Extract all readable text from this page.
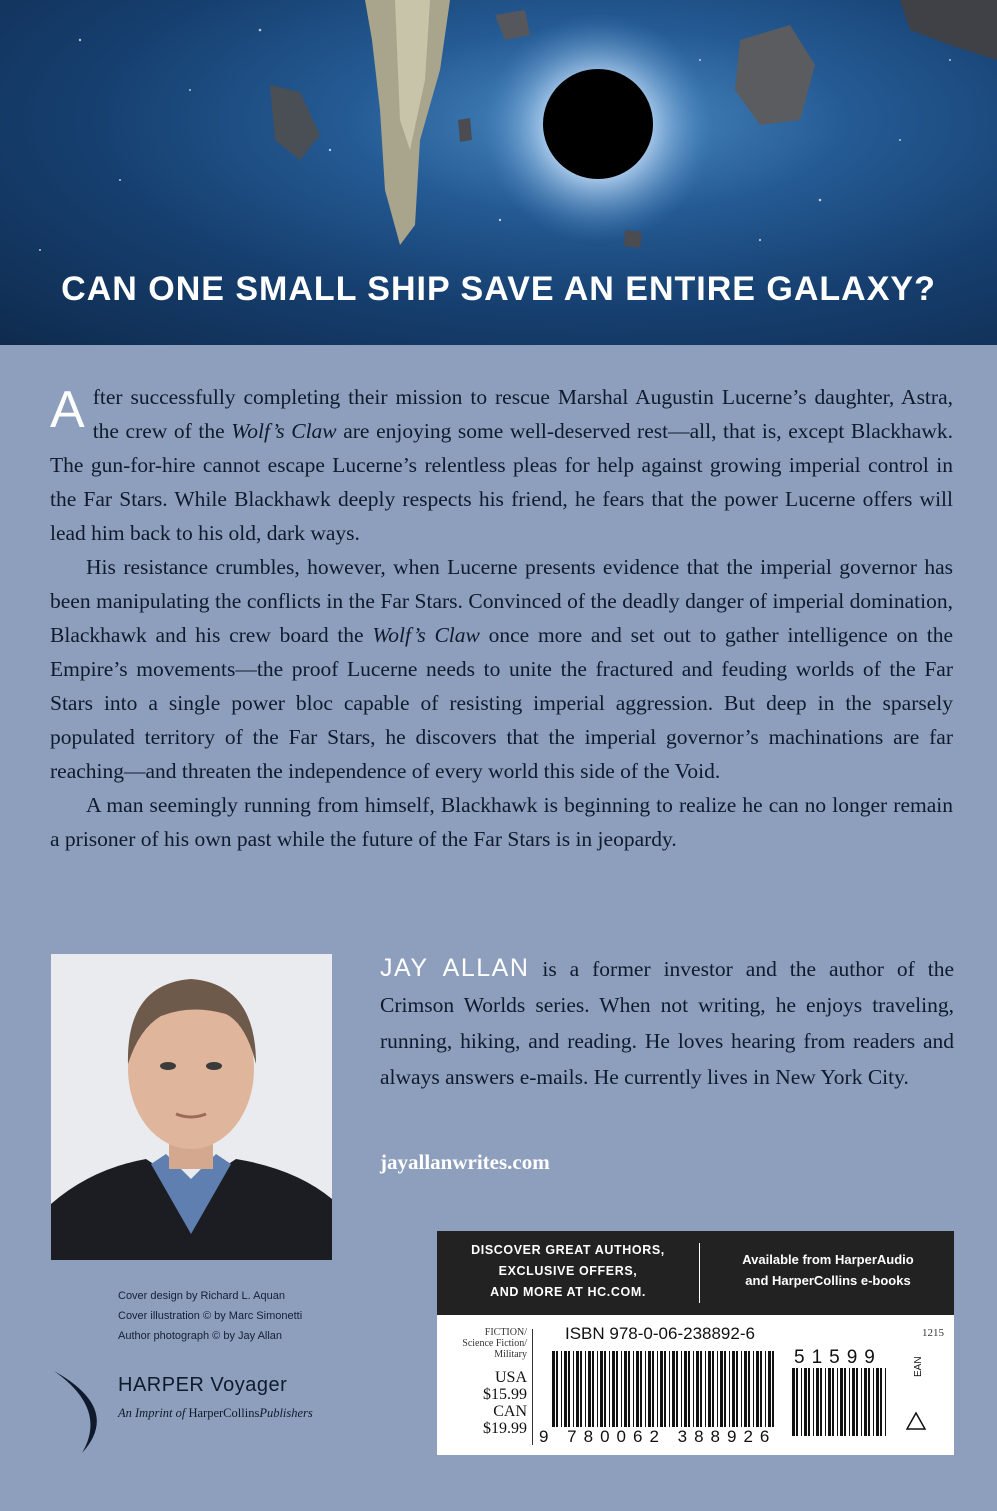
CAN ONE SMALL SHIP SAVE AN ENTIRE GALAXY?

After successfully completing their mission to rescue Marshal Augustin Lucerne’s daughter, Astra, the crew of the Wolf’s Claw are enjoying some well-deserved rest—all, that is, except Blackhawk. The gun-for-hire cannot escape Lucerne’s relentless pleas for help against growing imperial control in the Far Stars. While Blackhawk deeply respects his friend, he fears that the power Lucerne offers will lead him back to his old, dark ways.

His resistance crumbles, however, when Lucerne presents evidence that the imperial governor has been manipulating the conflicts in the Far Stars. Convinced of the deadly danger of imperial domination, Blackhawk and his crew board the Wolf’s Claw once more and set out to gather intelligence on the Empire’s movements—the proof Lucerne needs to unite the fractured and feuding worlds of the Far Stars into a single power bloc capable of resisting imperial aggression. But deep in the sparsely populated territory of the Far Stars, he discovers that the imperial governor’s machinations are far reaching—and threaten the independence of every world this side of the Void.

A man seemingly running from himself, Blackhawk is beginning to realize he can no longer remain a prisoner of his own past while the future of the Far Stars is in jeopardy.

JAY ALLAN is a former investor and the author of the Crimson Worlds series. When not writing, he enjoys traveling, running, hiking, and reading. He loves hearing from readers and always answers e-mails. He currently lives in New York City.
jayallanwrites.com
Cover design by Richard L. Aquan
Cover illustration © by Marc Simonetti
Author photograph © by Jay Allan
HARPER Voyager
An Imprint of HarperCollinsPublishers
DISCOVER GREAT AUTHORS,
EXCLUSIVE OFFERS,
AND MORE AT HC.COM.
Available from HarperAudio
and HarperCollins e-books
FICTION/
Science Fiction/
Military
ISBN 978-0-06-238892-6	1215
USA
$15.99
CAN
$19.99
51599	EAN
9 780062 388926
